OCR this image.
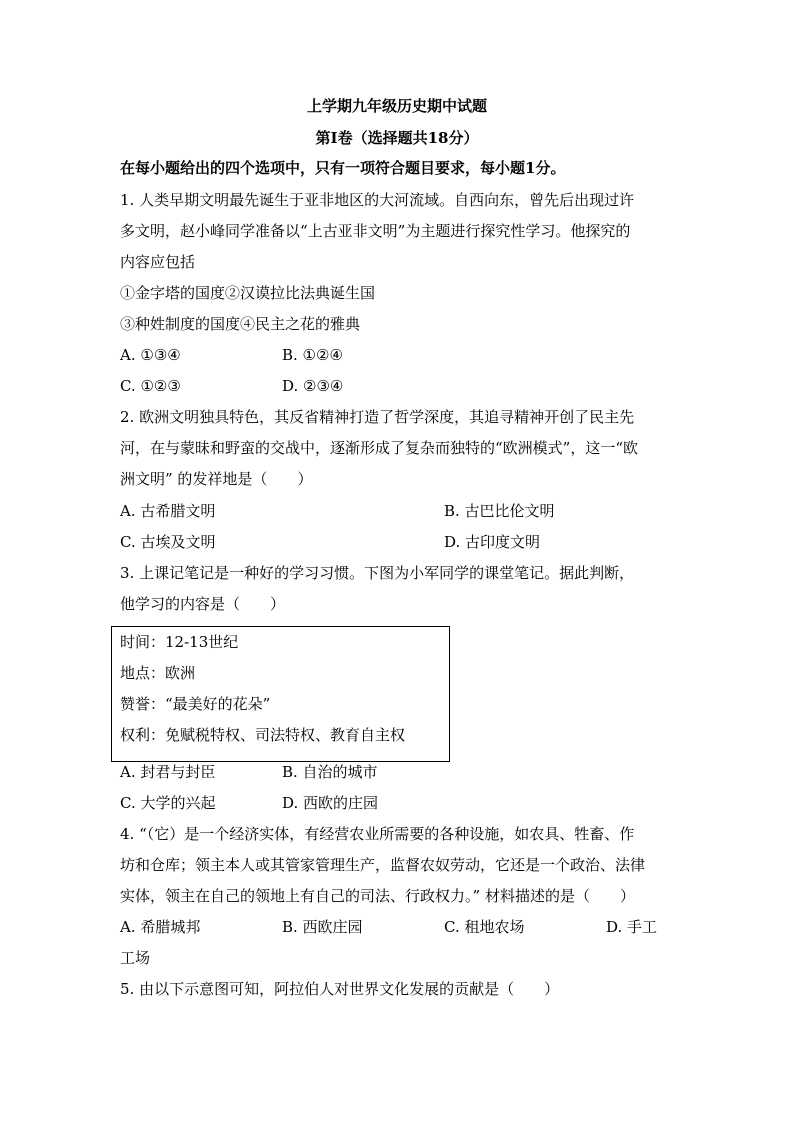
上学期九年级历史期中试题
第Ⅰ卷（选择题共18分）
在每小题给出的四个选项中，只有一项符合题目要求，每小题1分。
1. 人类早期文明最先诞生于亚非地区的大河流域。自西向东，曾先后出现过许
多文明，赵小峰同学准备以“上古亚非文明”为主题进行探究性学习。他探究的
内容应包括
①金字塔的国度②汉谟拉比法典诞生国
③种姓制度的国度④民主之花的雅典
A. ①③④	B. ①②④
C. ①②③	D. ②③④
2. 欧洲文明独具特色，其反省精神打造了哲学深度，其追寻精神开创了民主先
河，在与蒙昧和野蛮的交战中，逐渐形成了复杂而独特的“欧洲模式”，这一“欧
洲文明” 的发祥地是（　　）
A. 古希腊文明	B. 古巴比伦文明
C. 古埃及文明	D. 古印度文明
3. 上课记笔记是一种好的学习习惯。下图为小军同学的课堂笔记。据此判断，
他学习的内容是（　　）
时间：12-13世纪
地点：欧洲
赞誉：“最美好的花朵”
权利：免赋税特权、司法特权、教育自主权
A. 封君与封臣	B. 自治的城市
C. 大学的兴起	D. 西欧的庄园
4. “（它）是一个经济实体，有经营农业所需要的各种设施，如农具、牲畜、作
坊和仓库；领主本人或其管家管理生产，监督农奴劳动，它还是一个政治、法律
实体，领主在自己的领地上有自己的司法、行政权力。” 材料描述的是（　　）
A. 希腊城邦	B. 西欧庄园	C. 租地农场	D. 手工
工场
5. 由以下示意图可知，阿拉伯人对世界文化发展的贡献是（　　）
